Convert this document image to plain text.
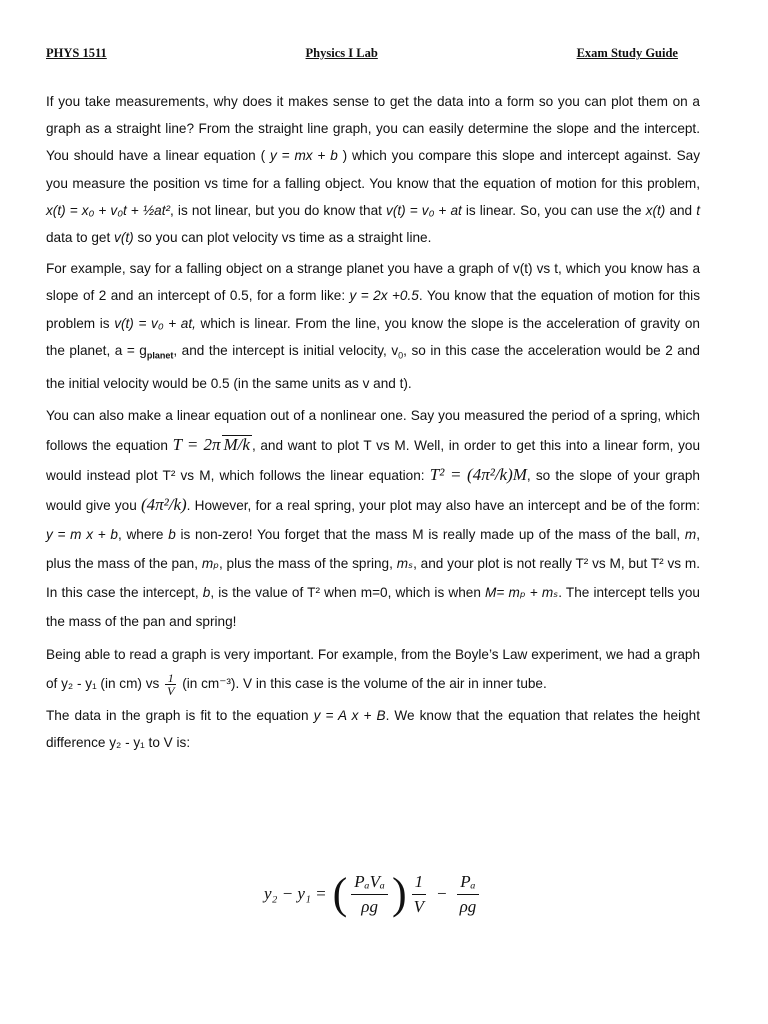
PHYS 1511	Physics I Lab	Exam Study Guide

If you take measurements, why does it makes sense to get the data into a form so you can plot them on a graph as a straight line? From the straight line graph, you can easily determine the slope and the intercept. You should have a linear equation ( y = mx + b ) which you compare this slope and intercept against. Say you measure the position vs time for a falling object. You know that the equation of motion for this problem, x(t) = x₀ + v₀t + ½at², is not linear, but you do know that v(t) = v₀ + at is linear. So, you can use the x(t) and t data to get v(t) so you can plot velocity vs time as a straight line.

For example, say for a falling object on a strange planet you have a graph of v(t) vs t, which you know has a slope of 2 and an intercept of 0.5, for a form like: y = 2x +0.5. You know that the equation of motion for this problem is v(t) = v₀ + at, which is linear. From the line, you know the slope is the acceleration of gravity on the planet, $a = g_{planet}$, and the intercept is initial velocity, $v_0$, so in this case the acceleration would be 2 and the initial velocity would be 0.5 (in the same units as v and t).

You can also make a linear equation out of a nonlinear one. Say you measured the period of a spring, which follows the equation T = 2π M/k , and want to plot T vs M. Well, in order to get this into a linear form, you would instead plot T² vs M, which follows the linear equation: T² = (4π²/k)M, so the slope of your graph would give you (4π²/k). However, for a real spring, your plot may also have an intercept and be of the form: y = m x + b, where b is non-zero! You forget that the mass M is really made up of the mass of the ball, m, plus the mass of the pan, mₚ, plus the mass of the spring, mₛ, and your plot is not really T² vs M, but T² vs m. In this case the intercept, b, is the value of T² when m=0, which is when M= mₚ + mₛ. The intercept tells you the mass of the pan and spring!

Being able to read a graph is very important. For example, from the Boyle’s Law experiment, we had a graph of y₂ - y₁ (in cm) vs $\frac{1}{V} (in$ cm⁻³). V in this case is the volume of the air in inner tube.

The data in the graph is fit to the equation y = A x + B. We know that the equation that relates the height difference y₂ - y₁ to V is:

y₂ − y₁ = ( PₐVₐ
ρg ) $\frac{1}{V} - \frac{\text{Pₐ}}{\rho g}$
